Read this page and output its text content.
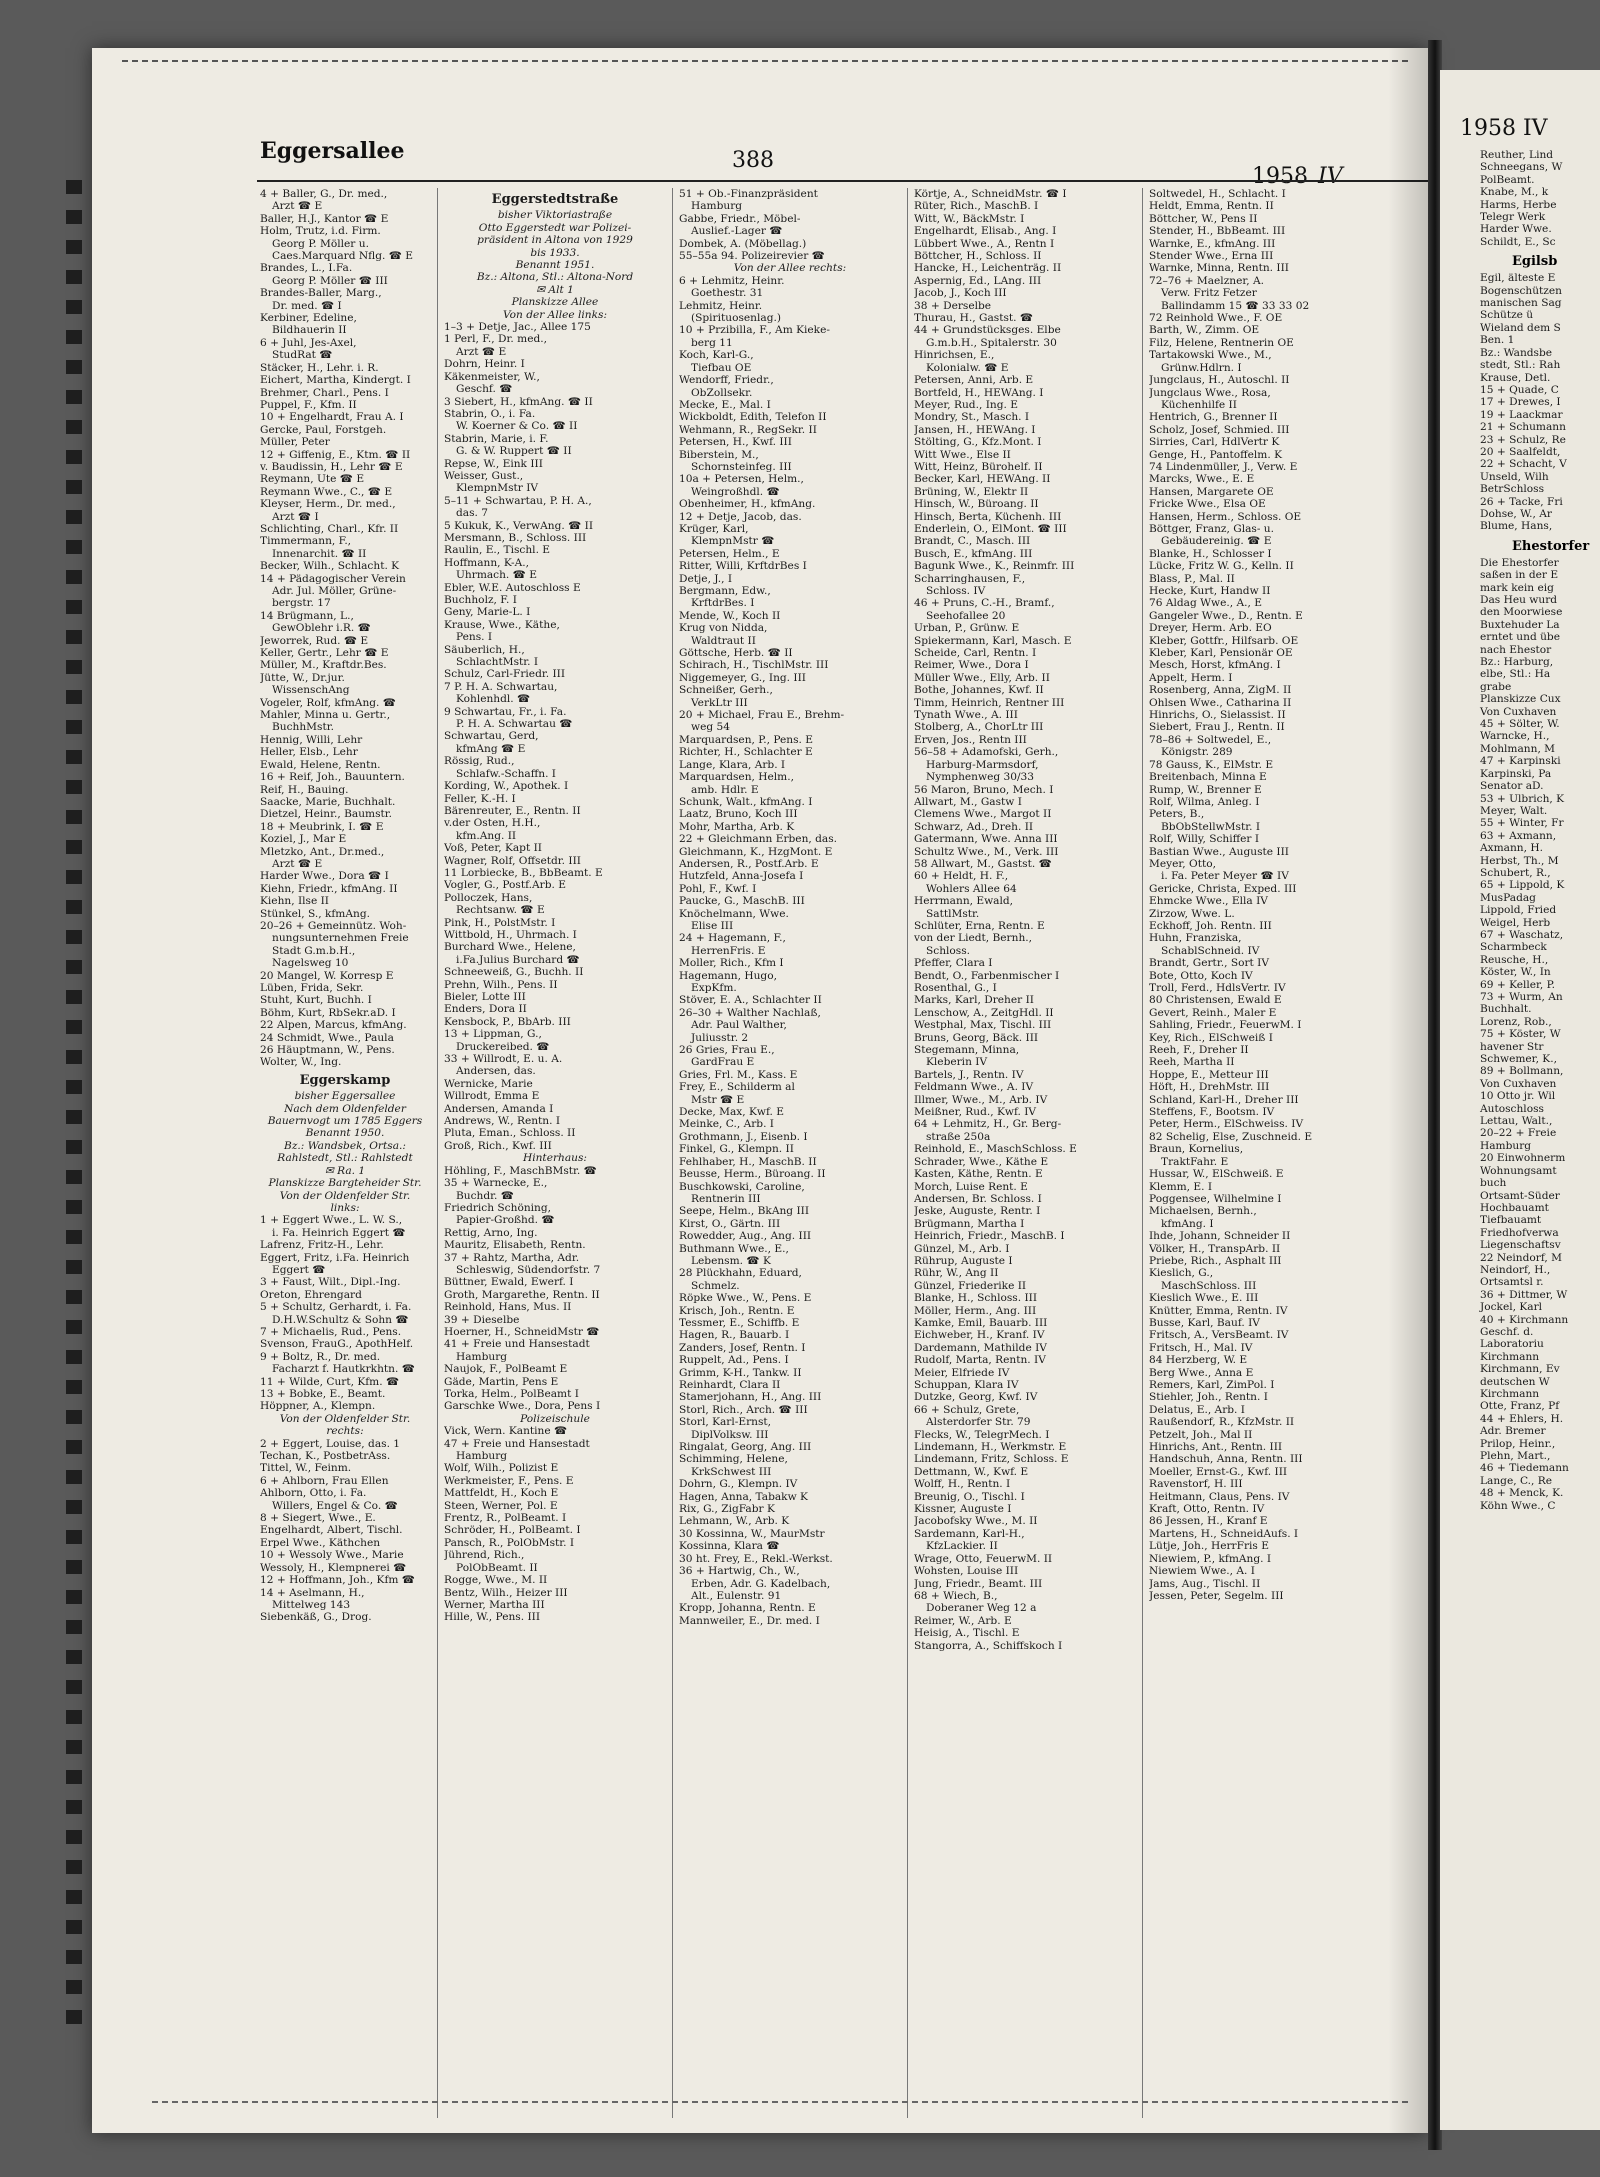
Eggersallee	388
1958 IV
4 + Baller, G., Dr. med.,
Arzt ☎ E
Baller, H.J., Kantor ☎ E
Holm, Trutz, i.d. Firm.
Georg P. Möller u.
Caes.Marquard Nflg. ☎ E
Brandes, L., I.Fa.
Georg P. Möller ☎ III
Brandes-Baller, Marg.,
Dr. med. ☎ I
Kerbiner, Edeline,
Bildhauerin II
6 + Juhl, Jes-Axel,
StudRat ☎
Stäcker, H., Lehr. i. R.
Eichert, Martha, Kindergt. I
Brehmer, Charl., Pens. I
Puppel, F., Kfm. II
10 + Engelhardt, Frau A. I
Gercke, Paul, Forstgeh.
Müller, Peter
12 + Giffenig, E., Ktm. ☎ II
v. Baudissin, H., Lehr ☎ E
Reymann, Ute ☎ E
Reymann Wwe., C., ☎ E
Kleyser, Herm., Dr. med.,
Arzt ☎ I
Schlichting, Charl., Kfr. II
Timmermann, F.,
Innenarchit. ☎ II
Becker, Wilh., Schlacht. K
14 + Pädagogischer Verein
Adr. Jul. Möller, Grüne-
bergstr. 17
14 Brügmann, L.,
GewOblehr i.R. ☎
Jeworrek, Rud. ☎ E
Keller, Gertr., Lehr ☎ E
Müller, M., Kraftdr.Bes.
Jütte, W., Dr.jur.
WissenschAng
Vogeler, Rolf, kfmAng. ☎
Mahler, Minna u. Gertr.,
BuchhMstr.
Hennig, Willi, Lehr
Heller, Elsb., Lehr
Ewald, Helene, Rentn.
16 + Reif, Joh., Bauuntern.
Reif, H., Bauing.
Saacke, Marie, Buchhalt.
Dietzel, Heinr., Baumstr.
18 + Meubrink, I. ☎ E
Koziel, J., Mar E
Mletzko, Ant., Dr.med.,
Arzt ☎ E
Harder Wwe., Dora ☎ I
Kiehn, Friedr., kfmAng. II
Kiehn, Ilse II
Stünkel, S., kfmAng.
20–26 + Gemeinnütz. Woh-
nungsunternehmen Freie
Stadt G.m.b.H.,
Nagelsweg 10
20 Mangel, W. Korresp E
Lüben, Frida, Sekr.
Stuht, Kurt, Buchh. I
Böhm, Kurt, RbSekr.aD. I
22 Alpen, Marcus, kfmAng.
24 Schmidt, Wwe., Paula
26 Häuptmann, W., Pens.
Wolter, W., Ing.
Eggerskamp
bisher Eggersallee
Nach dem Oldenfelder
Bauernvogt um 1785 Eggers
Benannt 1950.
Bz.: Wandsbek, Ortsa.:
Rahlstedt, Stl.: Rahlstedt
✉ Ra. 1
Planskizze Bargteheider Str.
Von der Oldenfelder Str.
links:
1 + Eggert Wwe., L. W. S.,
i. Fa. Heinrich Eggert ☎
Lafrenz, Fritz-H., Lehr.
Eggert, Fritz, i.Fa. Heinrich
Eggert ☎
3 + Faust, Wilt., Dipl.-Ing.
Oreton, Ehrengard
5 + Schultz, Gerhardt, i. Fa.
D.H.W.Schultz & Sohn ☎
7 + Michaelis, Rud., Pens.
Svenson, FrauG., ApothHelf.
9 + Boltz, R., Dr. med.
Facharzt f. Hautkrkhtn. ☎
11 + Wilde, Curt, Kfm. ☎
13 + Bobke, E., Beamt.
Höppner, A., Klempn.
Von der Oldenfelder Str.
rechts:
2 + Eggert, Louise, das. 1
Techan, K., PostbetrAss.
Tittel, W., Feinm.
6 + Ahlborn, Frau Ellen
Ahlborn, Otto, i. Fa.
Willers, Engel & Co. ☎
8 + Siegert, Wwe., E.
Engelhardt, Albert, Tischl.
Erpel Wwe., Käthchen
10 + Wessoly Wwe., Marie
Wessoly, H., Klempnerei ☎
12 + Hoffmann, Joh., Kfm ☎
14 + Aselmann, H.,
Mittelweg 143
Siebenkäß, G., Drog.
Eggerstedtstraße
bisher Viktoriastraße
Otto Eggerstedt war Polizei-
präsident in Altona von 1929
bis 1933.
Benannt 1951.
Bz.: Altona, Stl.: Altona-Nord
✉ Alt 1
Planskizze Allee
Von der Allee links:
1–3 + Detje, Jac., Allee 175
1 Perl, F., Dr. med.,
Arzt ☎ E
Dohrn, Heinr. I
Käkenmeister, W.,
Geschf. ☎
3 Siebert, H., kfmAng. ☎ II
Stabrin, O., i. Fa.
W. Koerner & Co. ☎ II
Stabrin, Marie, i. F.
G. & W. Ruppert ☎ II
Repse, W., Eink III
Weisser, Gust.,
KlempnMstr IV
5–11 + Schwartau, P. H. A.,
das. 7
5 Kukuk, K., VerwAng. ☎ II
Mersmann, B., Schloss. III
Raulin, E., Tischl. E
Hoffmann, K-A.,
Uhrmach. ☎ E
Ebler, W.E. Autoschloss E
Buchholz, F. I
Geny, Marie-L. I
Krause, Wwe., Käthe,
Pens. I
Säuberlich, H.,
SchlachtMstr. I
Schulz, Carl-Friedr. III
7 P. H. A. Schwartau,
Kohlenhdl. ☎
9 Schwartau, Fr., i. Fa.
P. H. A. Schwartau ☎
Schwartau, Gerd,
kfmAng ☎ E
Rössig, Rud.,
Schlafw.-Schaffn. I
Kording, W., Apothek. I
Feller, K.-H. I
Bärenreuter, E., Rentn. II
v.der Osten, H.H.,
kfm.Ang. II
Voß, Peter, Kapt II
Wagner, Rolf, Offsetdr. III
11 Lorbiecke, B., BbBeamt. E
Vogler, G., Postf.Arb. E
Polloczek, Hans,
Rechtsanw. ☎ E
Pink, H., PolstMstr. I
Wittbold, H., Uhrmach. I
Burchard Wwe., Helene,
i.Fa.Julius Burchard ☎
Schneeweiß, G., Buchh. II
Prehn, Wilh., Pens. II
Bieler, Lotte III
Enders, Dora II
Kensbock, P., BbArb. III
13 + Lippman, G.,
Druckereibed. ☎
33 + Willrodt, E. u. A.
Andersen, das.
Wernicke, Marie
Willrodt, Emma E
Andersen, Amanda I
Andrews, W., Rentn. I
Pluta, Eman., Schloss. II
Groß, Rich., Kwf. III
Hinterhaus:
Höhling, F., MaschBMstr. ☎
35 + Warnecke, E.,
Buchdr. ☎
Friedrich Schöning,
Papier-Großhd. ☎
Rettig, Arno, Ing.
Mauritz, Elisabeth, Rentn.
37 + Rahtz, Martha, Adr.
Schleswig, Südendorfstr. 7
Büttner, Ewald, Ewerf. I
Groth, Margarethe, Rentn. II
Reinhold, Hans, Mus. II
39 + Dieselbe
Hoerner, H., SchneidMstr ☎
41 + Freie und Hansestadt
Hamburg
Naujok, F., PolBeamt E
Gäde, Martin, Pens E
Torka, Helm., PolBeamt I
Garschke Wwe., Dora, Pens I
Polizeischule
Vick, Wern. Kantine ☎
47 + Freie und Hansestadt
Hamburg
Wolf, Wilh., Polizist E
Werkmeister, F., Pens. E
Mattfeldt, H., Koch E
Steen, Werner, Pol. E
Frentz, R., PolBeamt. I
Schröder, H., PolBeamt. I
Pansch, R., PolObMstr. I
Jührend, Rich.,
PolObBeamt. II
Rogge, Wwe., M. II
Bentz, Wilh., Heizer III
Werner, Martha III
Hille, W., Pens. III
51 + Ob.-Finanzpräsident
Hamburg
Gabbe, Friedr., Möbel-
Auslief.-Lager ☎
Dombek, A. (Möbellag.)
55–55a 94. Polizeirevier ☎
Von der Allee rechts:
6 + Lehmitz, Heinr.
Goethestr. 31
Lehmitz, Heinr.
(Spirituosenlag.)
10 + Przibilla, F., Am Kieke-
berg 11
Koch, Karl-G.,
Tiefbau OE
Wendorff, Friedr.,
ObZollsekr.
Mecke, E., Mal. I
Wickboldt, Edith, Telefon II
Wehmann, R., RegSekr. II
Petersen, H., Kwf. III
Biberstein, M.,
Schornsteinfeg. III
10a + Petersen, Helm.,
Weingroßhdl. ☎
Obenheimer, H., kfmAng.
12 + Detje, Jacob, das.
Krüger, Karl,
KlempnMstr ☎
Petersen, Helm., E
Ritter, Willi, KrftdrBes I
Detje, J., I
Bergmann, Edw.,
KrftdrBes. I
Mende, W., Koch II
Krug von Nidda,
Waldtraut II
Göttsche, Herb. ☎ II
Schirach, H., TischlMstr. III
Niggemeyer, G., Ing. III
Schneißer, Gerh.,
VerkLtr III
20 + Michael, Frau E., Brehm-
weg 54
Marquardsen, P., Pens. E
Richter, H., Schlachter E
Lange, Klara, Arb. I
Marquardsen, Helm.,
amb. Hdlr. E
Schunk, Walt., kfmAng. I
Laatz, Bruno, Koch III
Mohr, Martha, Arb. K
22 + Gleichmann Erben, das.
Gleichmann, K., HzgMont. E
Andersen, R., Postf.Arb. E
Hutzfeld, Anna-Josefa I
Pohl, F., Kwf. I
Paucke, G., MaschB. III
Knöchelmann, Wwe.
Elise III
24 + Hagemann, F.,
HerrenFris. E
Moller, Rich., Kfm I
Hagemann, Hugo,
ExpKfm.
Stöver, E. A., Schlachter II
26–30 + Walther Nachlaß,
Adr. Paul Walther,
Juliusstr. 2
26 Gries, Frau E.,
GardFrau E
Gries, Frl. M., Kass. E
Frey, E., Schilderm al
Mstr ☎ E
Decke, Max, Kwf. E
Meinke, C., Arb. I
Grothmann, J., Eisenb. I
Finkel, G., Klempn. II
Fehlhaber, H., MaschB. II
Beusse, Herm., Büroang. II
Buschkowski, Caroline,
Rentnerin III
Seepe, Helm., BkAng III
Kirst, O., Gärtn. III
Rowedder, Aug., Ang. III
Buthmann Wwe., E.,
Lebensm. ☎ K
28 Plückhahn, Eduard,
Schmelz.
Röpke Wwe., W., Pens. E
Krisch, Joh., Rentn. E
Tessmer, E., Schiffb. E
Hagen, R., Bauarb. I
Zanders, Josef, Rentn. I
Ruppelt, Ad., Pens. I
Grimm, K-H., Tankw. II
Reinhardt, Clara II
Stamerjohann, H., Ang. III
Storl, Rich., Arch. ☎ III
Storl, Karl-Ernst,
DiplVolksw. III
Ringalat, Georg, Ang. III
Schimming, Helene,
KrkSchwest III
Dohrn, G., Klempn. IV
Hagen, Anna, Tabakw K
Rix, G., ZigFabr K
Lehmann, W., Arb. K
30 Kossinna, W., MaurMstr
Kossinna, Klara ☎
30 ht. Frey, E., Rekl.-Werkst.
36 + Hartwig, Ch., W.,
Erben, Adr. G. Kadelbach,
Alt., Eulenstr. 91
Kropp, Johanna, Rentn. E
Mannweiler, E., Dr. med. I
Körtje, A., SchneidMstr. ☎ I
Rüter, Rich., MaschB. I
Witt, W., BäckMstr. I
Engelhardt, Elisab., Ang. I
Lübbert Wwe., A., Rentn I
Böttcher, H., Schloss. II
Hancke, H., Leichenträg. II
Aspernig, Ed., LAng. III
Jacob, J., Koch III
38 + Derselbe
Thurau, H., Gastst. ☎
44 + Grundstücksges. Elbe
G.m.b.H., Spitalerstr. 30
Hinrichsen, E.,
Kolonialw. ☎ E
Petersen, Anni, Arb. E
Bortfeld, H., HEWAng. I
Meyer, Rud., Ing. E
Mondry, St., Masch. I
Jansen, H., HEWAng. I
Stölting, G., Kfz.Mont. I
Witt Wwe., Else II
Witt, Heinz, Bürohelf. II
Becker, Karl, HEWAng. II
Brüning, W., Elektr II
Hinsch, W., Büroang. II
Hinsch, Berta, Küchenh. III
Enderlein, O., ElMont. ☎ III
Brandt, C., Masch. III
Busch, E., kfmAng. III
Bagunk Wwe., K., Reinmfr. III
Scharringhausen, F.,
Schloss. IV
46 + Pruns, C.-H., Bramf.,
Seehofallee 20
Urban, P., Grünw. E
Spiekermann, Karl, Masch. E
Scheide, Carl, Rentn. I
Reimer, Wwe., Dora I
Müller Wwe., Elly, Arb. II
Bothe, Johannes, Kwf. II
Timm, Heinrich, Rentner III
Tynath Wwe., A. III
Stolberg, A., ChorLtr III
Erven, Jos., Rentn III
56–58 + Adamofski, Gerh.,
Harburg-Marmsdorf,
Nymphenweg 30/33
56 Maron, Bruno, Mech. I
Allwart, M., Gastw I
Clemens Wwe., Margot II
Schwarz, Ad., Dreh. II
Gatermann, Wwe. Anna III
Schultz Wwe., M., Verk. III
58 Allwart, M., Gastst. ☎
60 + Heldt, H. F.,
Wohlers Allee 64
Herrmann, Ewald,
SattlMstr.
Schlüter, Erna, Rentn. E
von der Liedt, Bernh.,
Schloss.
Pfeffer, Clara I
Bendt, O., Farbenmischer I
Rosenthal, G., I
Marks, Karl, Dreher II
Lenschow, A., ZeitgHdl. II
Westphal, Max, Tischl. III
Bruns, Georg, Bäck. III
Stegemann, Minna,
Kleberin IV
Bartels, J., Rentn. IV
Feldmann Wwe., A. IV
Illmer, Wwe., M., Arb. IV
Meißner, Rud., Kwf. IV
64 + Lehmitz, H., Gr. Berg-
straße 250a
Reinhold, E., MaschSchloss. E
Schrader, Wwe., Käthe E
Kasten, Käthe, Rentn. E
Morch, Luise Rent. E
Andersen, Br. Schloss. I
Jeske, Auguste, Rentr. I
Brügmann, Martha I
Heinrich, Friedr., MaschB. I
Günzel, M., Arb. I
Rührup, Auguste I
Rühr, W., Ang II
Günzel, Friederike II
Blanke, H., Schloss. III
Möller, Herm., Ang. III
Kamke, Emil, Bauarb. III
Eichweber, H., Kranf. IV
Dardemann, Mathilde IV
Rudolf, Marta, Rentn. IV
Meier, Elfriede IV
Schuppan, Klara IV
Dutzke, Georg, Kwf. IV
66 + Schulz, Grete,
Alsterdorfer Str. 79
Flecks, W., TelegrMech. I
Lindemann, H., Werkmstr. E
Lindemann, Fritz, Schloss. E
Dettmann, W., Kwf. E
Wolff, H., Rentn. I
Breunig, O., Tischl. I
Kissner, Auguste I
Jacobofsky Wwe., M. II
Sardemann, Karl-H.,
KfzLackier. II
Wrage, Otto, FeuerwM. II
Wohsten, Louise III
Jung, Friedr., Beamt. III
68 + Wiech, B.,
Doberaner Weg 12 a
Reimer, W., Arb. E
Heisig, A., Tischl. E
Stangorra, A., Schiffskoch I
Soltwedel, H., Schlacht. I
Heldt, Emma, Rentn. II
Böttcher, W., Pens II
Stender, H., BbBeamt. III
Warnke, E., kfmAng. III
Stender Wwe., Erna III
Warnke, Minna, Rentn. III
72–76 + Maelzner, A.
Verw. Fritz Fetzer
Ballindamm 15 ☎ 33 33 02
72 Reinhold Wwe., F. OE
Barth, W., Zimm. OE
Filz, Helene, Rentnerin OE
Tartakowski Wwe., M.,
Grünw.Hdlrn. I
Jungclaus, H., Autoschl. II
Jungclaus Wwe., Rosa,
Küchenhilfe II
Hentrich, G., Brenner II
Scholz, Josef, Schmied. III
Sirries, Carl, HdlVertr K
Genge, H., Pantoffelm. K
74 Lindenmüller, J., Verw. E
Marcks, Wwe., E. E
Hansen, Margarete OE
Fricke Wwe., Elsa OE
Hansen, Herm., Schloss. OE
Böttger, Franz, Glas- u.
Gebäudereinig. ☎ E
Blanke, H., Schlosser I
Lücke, Fritz W. G., Kelln. II
Blass, P., Mal. II
Hecke, Kurt, Handw II
76 Aldag Wwe., A., E
Gangeler Wwe., D., Rentn. E
Dreyer, Herm. Arb. EO
Kleber, Gottfr., Hilfsarb. OE
Kleber, Karl, Pensionär OE
Mesch, Horst, kfmAng. I
Appelt, Herm. I
Rosenberg, Anna, ZigM. II
Ohlsen Wwe., Catharina II
Hinrichs, O., Sielassist. II
Siebert, Frau J., Rentn. II
78–86 + Soltwedel, E.,
Königstr. 289
78 Gauss, K., ElMstr. E
Breitenbach, Minna E
Rump, W., Brenner E
Rolf, Wilma, Anleg. I
Peters, B.,
BbObStellwMstr. I
Rolf, Willy, Schiffer I
Bastian Wwe., Auguste III
Meyer, Otto,
i. Fa. Peter Meyer ☎ IV
Gericke, Christa, Exped. III
Ehmcke Wwe., Ella IV
Zirzow, Wwe. L.
Eckhoff, Joh. Rentn. III
Huhn, Franziska,
SchablSchneid. IV
Brandt, Gertr., Sort IV
Bote, Otto, Koch IV
Troll, Ferd., HdlsVertr. IV
80 Christensen, Ewald E
Gevert, Reinh., Maler E
Sahling, Friedr., FeuerwM. I
Key, Rich., ElSchweiß I
Reeh, F., Dreher II
Reeh, Martha II
Hoppe, E., Metteur III
Höft, H., DrehMstr. III
Schland, Karl-H., Dreher III
Steffens, F., Bootsm. IV
Peter, Herm., ElSchweiss. IV
82 Schelig, Else, Zuschneid. E
Braun, Kornelius,
TraktFahr. E
Hussar, W., ElSchweiß. E
Klemm, E. I
Poggensee, Wilhelmine I
Michaelsen, Bernh.,
kfmAng. I
Ihde, Johann, Schneider II
Völker, H., TranspArb. II
Priebe, Rich., Asphalt III
Kieslich, G.,
MaschSchloss. III
Kieslich Wwe., E. III
Knütter, Emma, Rentn. IV
Busse, Karl, Bauf. IV
Fritsch, A., VersBeamt. IV
Fritsch, H., Mal. IV
84 Herzberg, W. E
Berg Wwe., Anna E
Remers, Karl, ZimPol. I
Stiehler, Joh., Rentn. I
Delatus, E., Arb. I
Raußendorf, R., KfzMstr. II
Petzelt, Joh., Mal II
Hinrichs, Ant., Rentn. III
Handschuh, Anna, Rentn. III
Moeller, Ernst-G., Kwf. III
Ravenstorf, H. III
Heitmann, Claus, Pens. IV
Kraft, Otto, Rentn. IV
86 Jessen, H., Kranf E
Martens, H., SchneidAufs. I
Lütje, Joh., HerrFris E
Niewiem, P., kfmAng. I
Niewiem Wwe., A. I
Jams, Aug., Tischl. II
Jessen, Peter, Segelm. III
1958 IV
Reuther, Lind
Schneegans, W
PolBeamt.
Knabe, M., k
Harms, Herbe
Telegr Werk
Harder Wwe.
Schildt, E., Sc
Egilsb
Egil, älteste E
Bogenschützen
manischen Sag
Schütze ü
Wieland dem S
Ben. 1
Bz.: Wandsbe
stedt, Stl.: Rah
Krause, Detl.
15 + Quade, C
17 + Drewes, I
19 + Laackmar
21 + Schumann
23 + Schulz, Re
20 + Saalfeldt,
22 + Schacht, V
Unseld, Wilh
BetrSchloss
26 + Tacke, Fri
Dohse, W., Ar
Blume, Hans,
Ehestorfer
Die Ehestorfer
saßen in der E
mark kein eig
Das Heu wurd
den Moorwiese
Buxtehuder La
erntet und übe
nach Ehestor
Bz.: Harburg,
elbe, Stl.: Ha
grabe
Planskizze Cux
Von Cuxhaven
45 + Sölter, W.
Warncke, H.,
Mohlmann, M
47 + Karpinski
Karpinski, Pa
Senator aD.
53 + Ulbrich, K
Meyer, Walt.
55 + Winter, Fr
63 + Axmann,
Axmann, H.
Herbst, Th., M
Schubert, R.,
65 + Lippold, K
MusPadag
Lippold, Fried
Weigel, Herb
67 + Waschatz,
Scharmbeck
Reusche, H.,
Köster, W., In
69 + Keller, P.
73 + Wurm, An
Buchhalt.
Lorenz, Rob.,
75 + Köster, W
havener Str
Schwemer, K.,
89 + Bollmann,
Von Cuxhaven
10 Otto jr. Wil
Autoschloss
Lettau, Walt.,
20–22 + Freie
Hamburg
20 Einwohnerm
Wohnungsamt
buch
Ortsamt-Süder
Hochbauamt
Tiefbauamt
Friedhofverwa
Liegenschaftsv
22 Neindorf, M
Neindorf, H.,
Ortsamtsl r.
36 + Dittmer, W
Jockel, Karl
40 + Kirchmann
Geschf. d.
Laboratoriu
Kirchmann
Kirchmann, Ev
deutschen W
Kirchmann
Otte, Franz, Pf
44 + Ehlers, H.
Adr. Bremer
Prilop, Heinr.,
Plehn, Mart.,
46 + Tiedemann
Lange, C., Re
48 + Menck, K.
Köhn Wwe., C
